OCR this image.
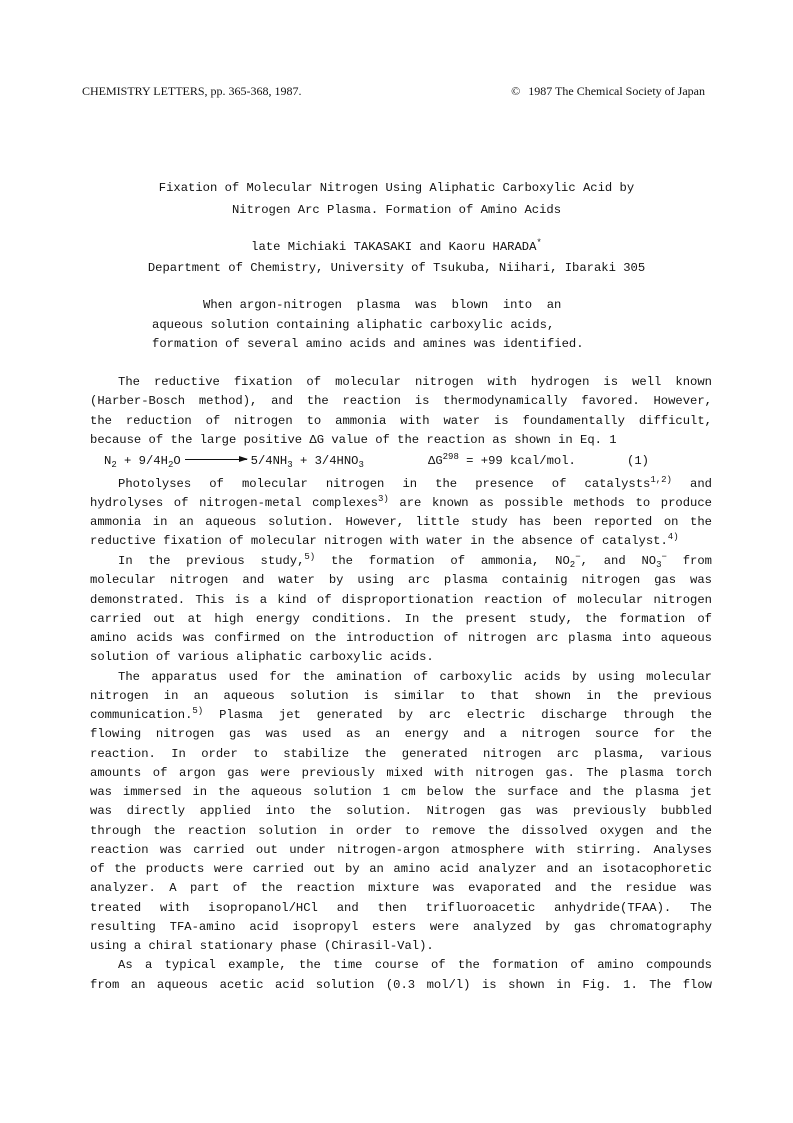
CHEMISTRY LETTERS, pp. 365-368, 1987.	© 1987 The Chemical Society of Japan
Fixation of Molecular Nitrogen Using Aliphatic Carboxylic Acid by
Nitrogen Arc Plasma. Formation of Amino Acids
late Michiaki TAKASAKI and Kaoru HARADA*
Department of Chemistry, University of Tsukuba, Niihari, Ibaraki 305
When argon-nitrogen  plasma  was  blown  into  an
aqueous solution containing aliphatic carboxylic acids,
formation of several amino acids and amines was identified.
The reductive fixation of molecular nitrogen with hydrogen is well known
(Harber-Bosch method), and the reaction is thermodynamically favored. However,
the reduction of nitrogen to ammonia with water is foundamentally difficult,
because of the large positive ΔG value of the reaction as shown in Eq. 1
$N_2 + 9/4H_2O$	$5/4NH_3 + 3/4HNO_3$	$\Delta G^{298} = +99$ kcal/mol.	(1)
Photolyses of molecular nitrogen in the presence of catalysts$^{1,2)}$ and
hydrolyses of nitrogen-metal complexes$^{3)}$ are known as possible methods to produce
ammonia in an aqueous solution. However, little study has been reported on the
reductive fixation of molecular nitrogen with water in the absence of catalyst.$^{4)}$
In the previous study,$^{5)}$ the formation of ammonia, $NO_2^-$, and $NO_3^-$ from
molecular nitrogen and water by using arc plasma containig nitrogen gas was
demonstrated. This is a kind of disproportionation reaction of molecular nitrogen
carried out at high energy conditions. In the present study, the formation of
amino acids was confirmed on the introduction of nitrogen arc plasma into aqueous
solution of various aliphatic carboxylic acids.
The apparatus used for the amination of carboxylic acids by using molecular
nitrogen in an aqueous solution is similar to that shown in the previous
communication.$^{5)}$ Plasma jet generated by arc electric discharge through the
flowing nitrogen gas was used as an energy and a nitrogen source for the
reaction. In order to stabilize the generated nitrogen arc plasma, various
amounts of argon gas were previously mixed with nitrogen gas. The plasma torch
was immersed in the aqueous solution 1 cm below the surface and the plasma jet
was directly applied into the solution. Nitrogen gas was previously bubbled
through the reaction solution in order to remove the dissolved oxygen and the
reaction was carried out under nitrogen-argon atmosphere with stirring. Analyses
of the products were carried out by an amino acid analyzer and an isotacophoretic
analyzer. A part of the reaction mixture was evaporated and the residue was
treated with isopropanol/HCl and then trifluoroacetic anhydride(TFAA). The
resulting TFA-amino acid isopropyl esters were analyzed by gas chromatography
using a chiral stationary phase (Chirasil-Val).
As a typical example, the time course of the formation of amino compounds
from an aqueous acetic acid solution (0.3 mol/l) is shown in Fig. 1. The flow
